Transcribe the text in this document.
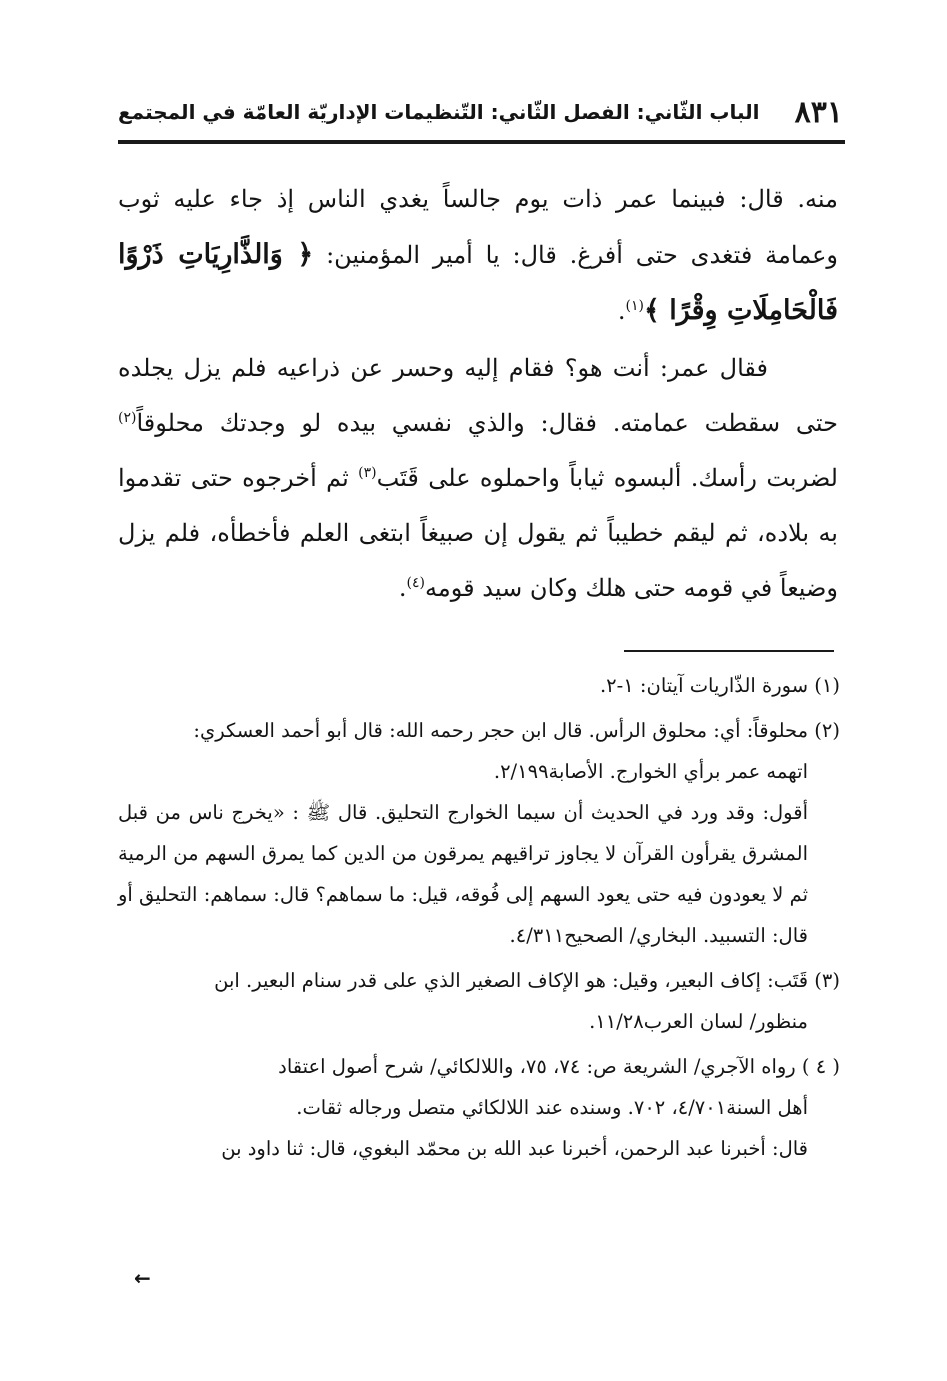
٨٣١
الباب الثّاني: الفصل الثّاني: التّنظيمات الإداريّة العامّة في المجتمع

منه. قال: فبينما عمر ذات يوم جالساً يغدي الناس إذ جاء عليه ثوب وعمامة فتغدى حتى أفرغ. قال: يا أمير المؤمنين: ﴿ وَالذَّارِيَاتِ ذَرْوًا فَالْحَامِلَاتِ وِقْرًا ﴾$^{(١)}$.

فقال عمر: أنت هو؟ فقام إليه وحسر عن ذراعيه فلم يزل يجلده حتى سقطت عمامته. فقال: والذي نفسي بيده لو وجدتك محلوقاً$^{(٢)}$ لضربت رأسك. ألبسوه ثياباً واحملوه على قَتَب$^{(٣)}$ ثم أخرجوه حتى تقدموا به بلاده، ثم ليقم خطيباً ثم يقول إن صبيغاً ابتغى العلم فأخطأه، فلم يزل وضيعاً في قومه حتى هلك وكان سيد قومه$^{(٤)}$.

(١) سورة الذّاريات آيتان: ١-٢.

(٢) محلوقاً: أي: محلوق الرأس. قال ابن حجر رحمه الله: قال أبو أحمد العسكري:
اتهمه عمر برأي الخوارج. الأصابة٢/١٩٩.
أقول: وقد ورد في الحديث أن سيما الخوارج التحليق. قال ﷺ : «يخرج ناس من قبل المشرق يقرأون القرآن لا يجاوز تراقيهم يمرقون من الدين كما يمرق السهم من الرمية ثم لا يعودون فيه حتى يعود السهم إلى فُوقه، قيل: ما سماهم؟ قال: سماهم: التحليق أو قال: التسبيد. البخاري/ الصحيح٤/٣١١.

(٣) قَتَب: إكاف البعير، وقيل: هو الإكاف الصغير الذي على قدر سنام البعير. ابن
منظور/ لسان العرب١١/٢٨.

( ٤ ) رواه الآجري/ الشريعة ص: ٧٤، ٧٥، واللالكائي/ شرح أصول اعتقاد
أهل السنة٤/٧٠١، ٧٠٢. وسنده عند اللالكائي متصل ورجاله ثقات.
قال: أخبرنا عبد الرحمن، أخبرنا عبد الله بن محمّد البغوي، قال: ثنا داود بن

←
